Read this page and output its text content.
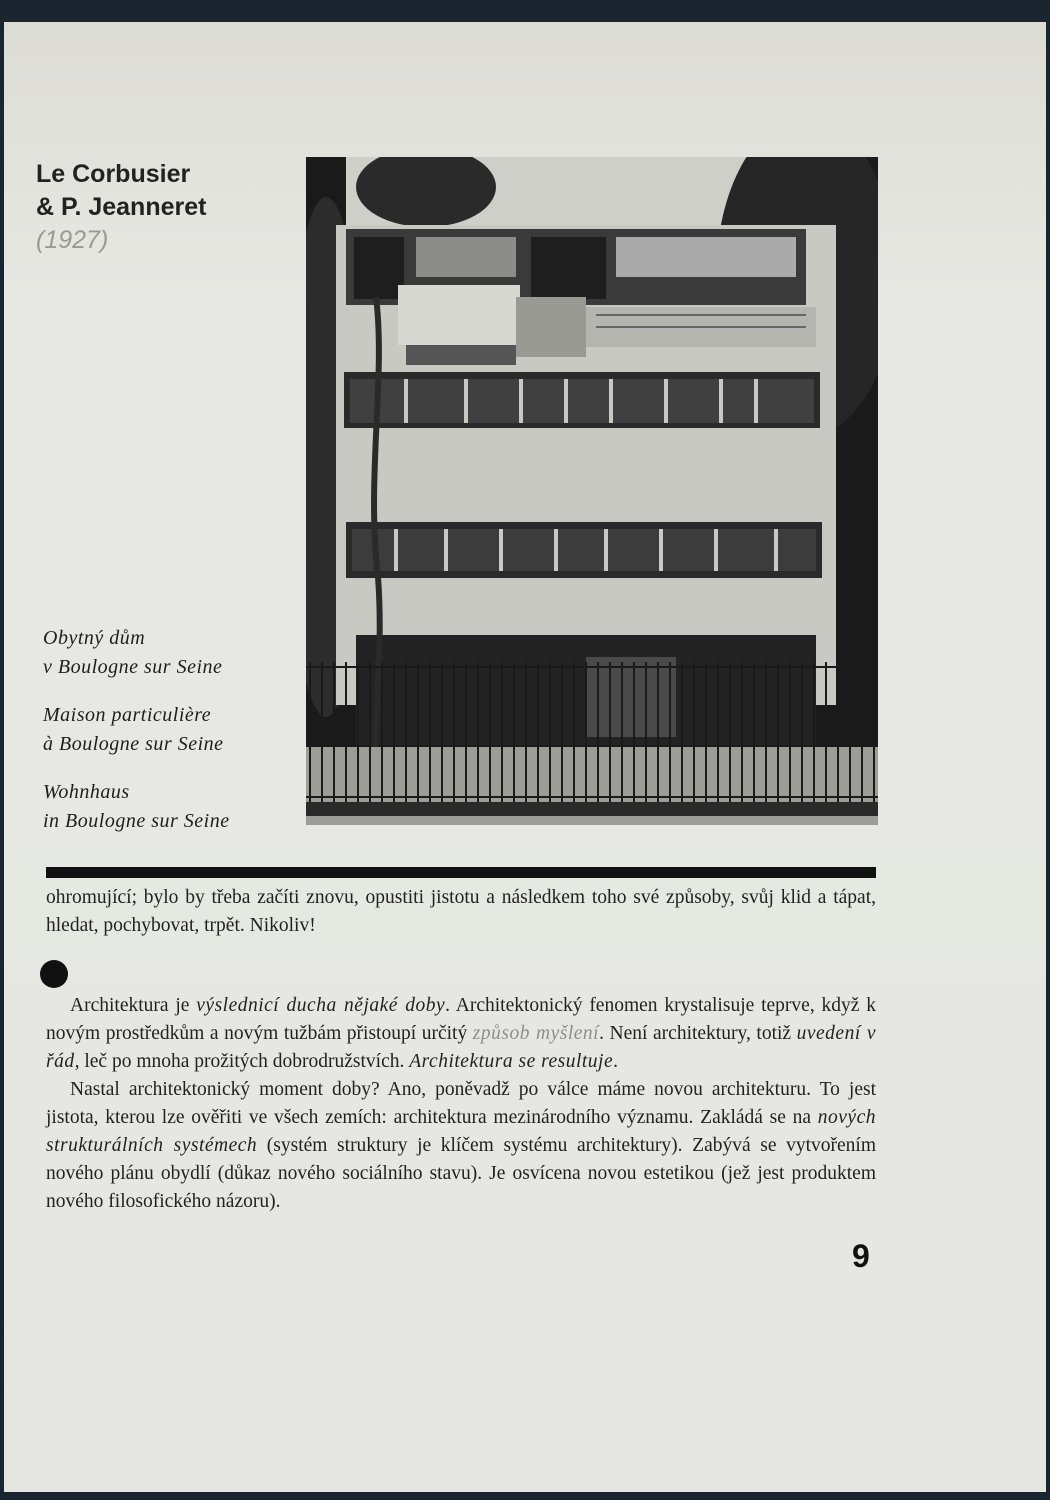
Le Corbusier
& P. Jeanneret
(1927)
Obytný dům
v Boulogne sur Seine
Maison particulière
à Boulogne sur Seine
Wohnhaus
in Boulogne sur Seine

ohromující; bylo by třeba začíti znovu, opustiti jistotu a následkem toho své způsoby, svůj klid a tápat, hledat, pochybovat, trpět. Nikoliv!

Architektura je výslednicí ducha nějaké doby. Architektonický fenomen krystalisuje teprve, když k novým prostředkům a novým tužbám přistoupí určitý způsob myšlení. Není architektury, totiž uvedení v řád, leč po mnoha prožitých dobrodružstvích. Architektura se resultuje.

Nastal architektonický moment doby? Ano, poněvadž po válce máme novou architekturu. To jest jistota, kterou lze ověřiti ve všech zemích: architektura mezinárodního významu. Zakládá se na nových strukturálních systémech (systém struktury je klíčem systému architektury). Zabývá se vytvořením nového plánu obydlí (důkaz nového sociálního stavu). Je osvícena novou estetikou (jež jest produktem nového filosofického názoru).

9
